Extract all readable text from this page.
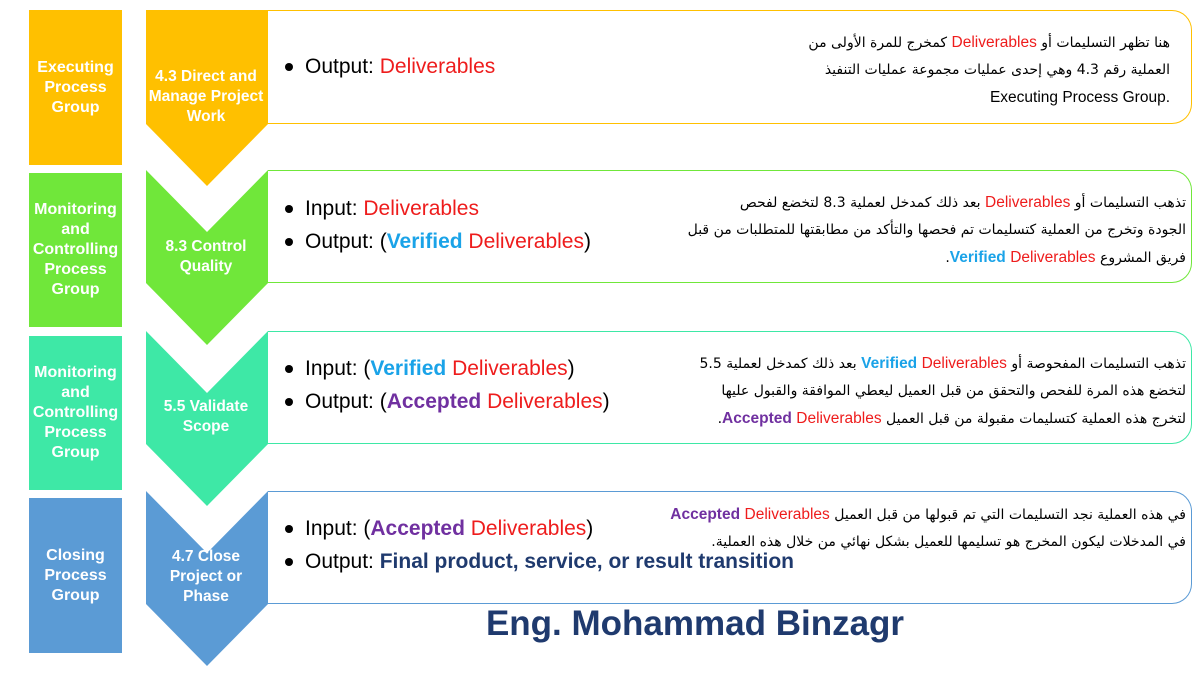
Executing Process Group
Monitoring and Controlling Process Group
Monitoring and Controlling Process Group
Closing Process Group
4.3 Direct and Manage Project Work
8.3 Control Quality
5.5 Validate Scope
4.7 Close Project or Phase
Output: Deliverables
Input: Deliverables
Output: (Verified Deliverables)
Input: (Verified Deliverables)
Output: (Accepted Deliverables)
Input: (Accepted Deliverables)
Output: Final product, service, or result transition
هنا تظهر التسليمات أو Deliverables كمخرج للمرة الأولى من
العملية رقم 4.3 وهي إحدى عمليات مجموعة عمليات التنفيذ
Executing Process Group.
تذهب التسليمات أو Deliverables بعد ذلك كمدخل لعملية 8.3 لتخضع لفحص
الجودة وتخرج من العملية كتسليمات تم فحصها والتأكد من مطابقتها للمتطلبات من قبل
فريق المشروع Verified Deliverables.
تذهب التسليمات المفحوصة أو Verified Deliverables بعد ذلك كمدخل لعملية 5.5
لتخضع هذه المرة للفحص والتحقق من قبل العميل ليعطي الموافقة والقبول عليها
لتخرج هذه العملية كتسليمات مقبولة من قبل العميل Accepted Deliverables.
في هذه العملية نجد التسليمات التي تم قبولها من قبل العميل Accepted Deliverables
في المدخلات ليكون المخرج هو تسليمها للعميل بشكل نهائي من خلال هذه العملية.
Eng. Mohammad Binzagr
